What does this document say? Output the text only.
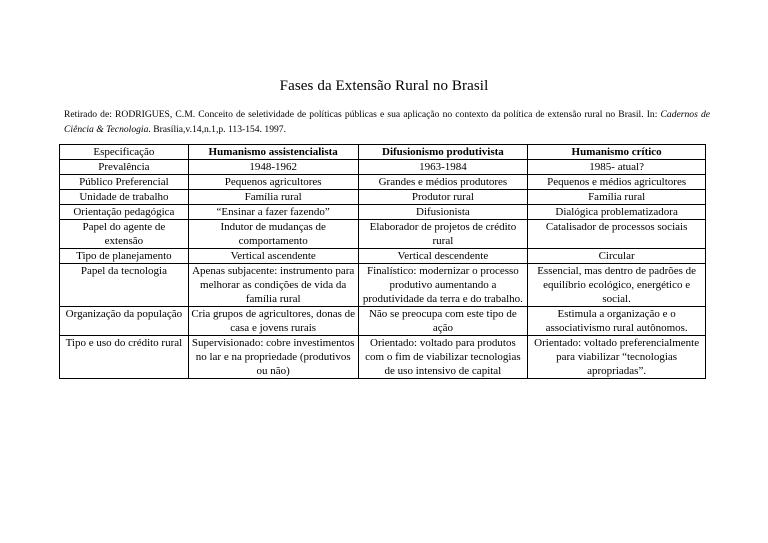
Fases da Extensão Rural no Brasil
Retirado de: RODRIGUES, C.M. Conceito de seletividade de políticas públicas e sua aplicação no contexto da política de extensão rural no Brasil. In: Cadernos de Ciência & Tecnologia. Brasília,v.14,n.1,p. 113-154. 1997.
Especificação	Humanismo assistencialista	Difusionismo produtivista	Humanismo crítico
Prevalência	1948-1962	1963-1984	1985- atual?
Público Preferencial	Pequenos agricultores	Grandes e médios produtores	Pequenos e médios agricultores
Unidade de trabalho	Família rural	Produtor rural	Família rural
Orientação pedagógica	“Ensinar a fazer fazendo”	Difusionista	Dialógica problematizadora
Papel do agente de extensão	Indutor de mudanças de comportamento	Elaborador de projetos de crédito rural	Catalisador de processos sociais
Tipo de planejamento	Vertical ascendente	Vertical descendente	Circular
Papel da tecnologia	Apenas subjacente: instrumento para melhorar as condições de vida da família rural	Finalístico: modernizar o processo produtivo aumentando a produtividade da terra e do trabalho.	Essencial, mas dentro de padrões de equilíbrio ecológico, energético e social.
Organização da população	Cria grupos de agricultores, donas de casa e jovens rurais	Não se preocupa com este tipo de ação	Estimula a organização e o associativismo rural autônomos.
Tipo e uso do crédito rural	Supervisionado: cobre investimentos no lar e na propriedade (produtivos ou não)	Orientado: voltado para produtos com o fim de viabilizar tecnologias de uso intensivo de capital	Orientado: voltado preferencialmente para viabilizar “tecnologias apropriadas”.
